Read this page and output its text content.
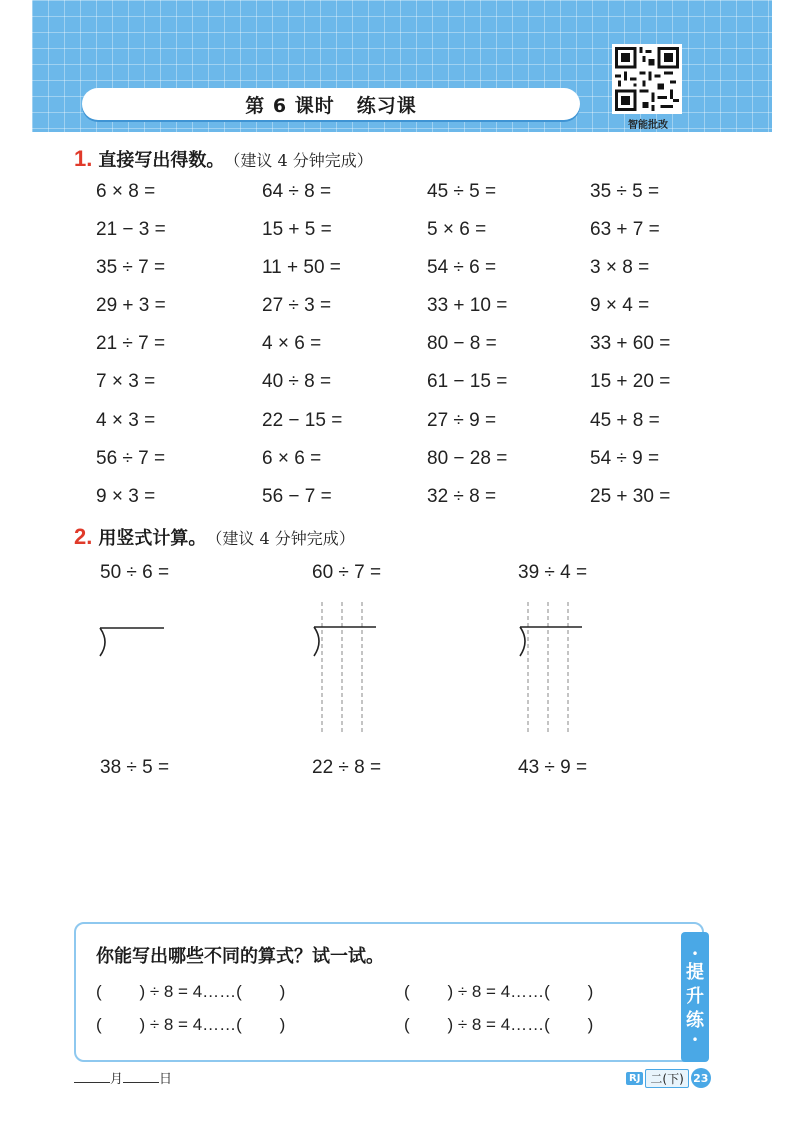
第 6 课时 练习课
智能批改
1. 直接写出得数。 （建议 4 分钟完成）
6 × 8 =	64 ÷ 8 =	45 ÷ 5 =	35 ÷ 5 =
21 − 3 =	15 + 5 =	5 × 6 =	63 + 7 =
35 ÷ 7 =	11 + 50 =	54 ÷ 6 =	3 × 8 =
29 + 3 =	27 ÷ 3 =	33 + 10 =	9 × 4 =
21 ÷ 7 =	4 × 6 =	80 − 8 =	33 + 60 =
7 × 3 =	40 ÷ 8 =	61 − 15 =	15 + 20 =
4 × 3 =	22 − 15 =	27 ÷ 9 =	45 + 8 =
56 ÷ 7 =	6 × 6 =	80 − 28 =	54 ÷ 9 =
9 × 3 =	56 − 7 =	32 ÷ 8 =	25 + 30 =
2. 用竖式计算。 （建议 4 分钟完成）
50 ÷ 6 =	60 ÷ 7 =	39 ÷ 4 =
38 ÷ 5 =	22 ÷ 8 =	43 ÷ 9 =
你能写出哪些不同的算式？试一试。
(        ) ÷ 8 = 4……(        )	(        ) ÷ 8 = 4……(        )
(        ) ÷ 8 = 4……(        )	(        ) ÷ 8 = 4……(        )
•
提
升
练
•
月	日	RJ 二(下) 23
